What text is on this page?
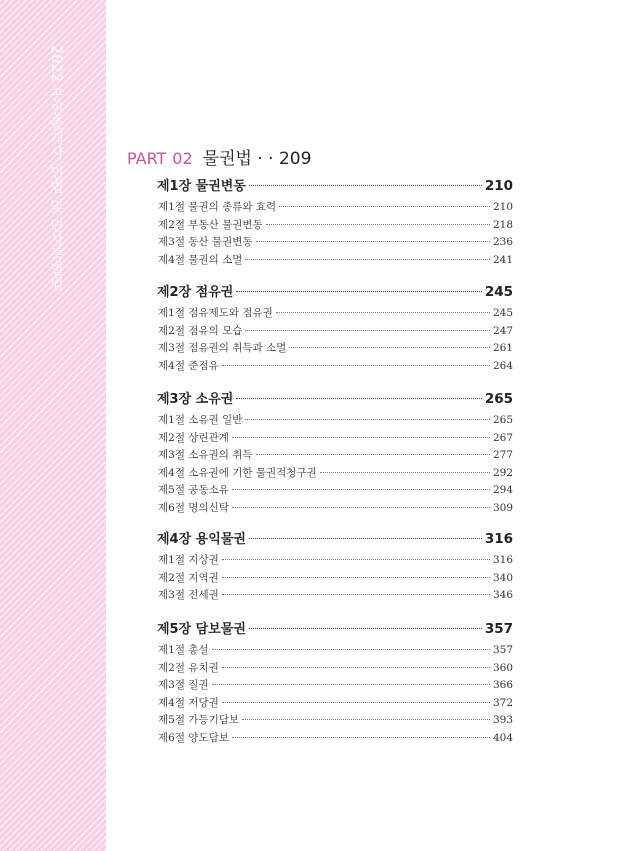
2022 공인중개사 민법 및 민사특별법	PART 02 물권법 · · 209
제1장 물권변동	210
제1절 물권의 종류와 효력	210
제2절 부동산 물권변동	218
제3절 동산 물권변동	236
제4절 물권의 소멸	241
제2장 점유권	245
제1절 점유제도와 점유권	245
제2절 점유의 모습	247
제3절 점유권의 취득과 소멸	261
제4절 준점유	264
제3장 소유권	265
제1절 소유권 일반	265
제2절 상린관계	267
제3절 소유권의 취득	277
제4절 소유권에 기한 물권적청구권	292
제5절 공동소유	294
제6절 명의신탁	309
제4장 용익물권	316
제1절 지상권	316
제2절 지역권	340
제3절 전세권	346
제5장 담보물권	357
제1절 총설	357
제2절 유치권	360
제3절 질권	366
제4절 저당권	372
제5절 가등기담보	393
제6절 양도담보	404
